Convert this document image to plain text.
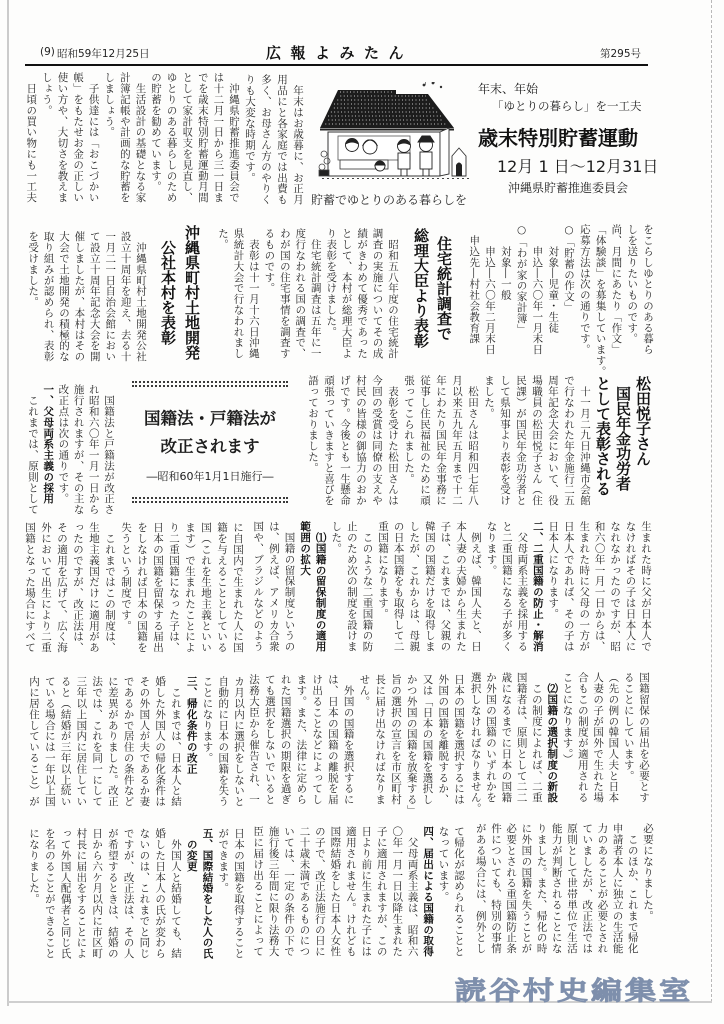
(9) 昭和59年12月25日	広報よみたん	第295号
　沖縄県貯蓄推進委員会で
は十二月一日から三一日ま
でを歳末特別貯蓄運動月間
として家計収支を見直し、
ゆとりのある暮らしのため
の貯蓄を勧めています。
　生活設計の基礎となる家
計簿記帳や計画的な貯蓄を
しましょう。
　子供達には「おこづかい
帳」をもたせお金の正しい
使い方や、大切さを教えま
しょう。
　日頃の買い物にも一工夫	　年末はお歳暮に、お正月
用品にと各家庭では出費も
多く、お母さん方のやりく
りも大変な時期です。
貯蓄でゆとりのある暮らしを
年末、年始
「ゆとりの暮らし」を一工夫
歳末特別貯蓄運動
12月 1 日～12月31日
沖縄県貯蓄推進委員会
をこらしゆとりのある暮ら
しを送りたいものです。
尚、月間にあたり「作文」
「体験談」を募集しています。
応募方法は次の通りです。
○「貯蓄の作文」
　　対象―児童・生徒
　　申込―六〇年一月末日
○「わが家の家計簿」
　　対象―一般
　　申込―六〇年二月末日
　申込先―村社会教育課
住宅統計調査で
総理大臣より表彰
　昭和五八年度の住宅統計
調査の実施についてその成
績がきわめて優秀であった
として、本村が総理大臣よ
り表彰を受けました。
　住宅統計調査は五年に一
度行なわれる国の調査で、
わが国の住宅事情を調査す
るものです。
　表彰は十一月十六日沖縄
県統計大会で行なわれまし
た。
沖縄県町村土地開発
公社本村を表彰
　沖縄県町村土地開発公社
設立十周年を迎え、去る十
一月二一日自治会館におい
て設立十周年記念大会を開
催しましたが、本村はその
大会で土地開発の積極的な
取り組みが認められ、表彰
を受けました。
松田悦子さん
国民年金功労者
として表彰される
　十一月二九日沖縄市会館
で行なわれた年金施行二五
周年記念大会において、役
場職員の松田悦子さん（住
民課）が国民年金功労者と
して県知事より表彰を受け
ました。
　松田さんは昭和四七年八
月以来五九年五月まで十二
年にわたり国民年金事務に
従事し住民福祉のために頑
張ってこられました。
　表彰を受けた松田さんは
今回の受賞は同僚の支えや
村民の皆様の御協力のおか
げです。今後とも一生懸命
頑張っていきますと喜びを
語っておりました。
国籍法・戸籍法が
改正されます
―昭和60年1月1日施行―
　国籍法と戸籍法が改正さ
れ昭和六〇年一月一日から
施行されますが、その主な
改正点は次の通りです。
一、父母両系主義の採用
　これまでは、原則として
生まれた時に父が日本人で
なければその子は日本人に
なれなかったのですが、昭
和六〇年一月一日からは、
生まれた時に父母の一方が
日本人であれば、その子は
日本人になります。
二、二重国籍の防止・解消
　父母両系主義を採用する
と二重国籍になる子が多く
なります。
　例えば、韓国人夫と、日
本人妻の夫婦から生まれた
子は、これまでは、父親の
韓国の国籍だけを取得しま
したが、これからは、母親
の日本国籍をも取得して二
重国籍になります。
　このような二重国籍の防
止のため次の制度を設けま
した。
　⑴国籍の留保制度の適用
範囲の拡大
　国籍の留保制度というの
は、例えば、アメリカ合衆
国や、ブラジルなどのよう
に自国内で生まれた人に国
籍を与えることとしている
国（これを生地主義といい
ます）で生まれたことによ
り二重国籍になった子は、
日本の国籍を留保する届出
をしなければ日本の国籍を
失うという制度です。
　これまではこの制度は、
生地主義国だけに適用があ
ったのですが、改正法は、
その適用を広げて、広く海
外において出生により二重
国籍となった場合にすべて
国籍留保の届出を必要とす
ることにしています。
（先の例の韓国人夫と日本
人妻の子が国外で生れた場
合もこの制度が適用される
ことになります。）
　⑵国籍の選択制度の新設
　この制度によれば、二重
国籍者は、原則として二二
歳になるまでに日本の国籍
か外国の国籍のいずれかを
選択しなければなりません。
日本の国籍を選択するには
外国の国籍を離脱するか、
又は「日本の国籍を選択し
かつ外国の国籍を放棄する」
旨の選択の宣言を市区町村
長に届け出なければなりま
せん。
　外国の国籍を選択するに
は、日本の国籍の離脱を届
け出ることなどによってし
ます。また、法律に定めら
れた国籍選択の期限を過ぎ
ても選択をしないでいると
法務大臣から催告され、一
カ月以内に選択をしないと
自動的に日本の国籍を失う
ことになります。
三、帰化条件の改正
　これまでは、日本人と結
婚した外国人の帰化条件は
その外国人が夫であるか妻
であるかで居住の条件など
に差異がありました。改正
法では、これを同一にして
三年以上国内に居住してい
ると（結婚が三年以上続い
ている場合には一年以上国
内に居住していること）が
必要になりました。
　このほか、これまで帰化
申請者本人に独立の生活能
力のあることが必要とされ
ていましたが、改正法では
原則として世帯単位で生活
能力が判断されることにな
りました。また、帰化の時
に外国の国籍を失うことが
必要とされる重国籍防止条
件についても、特別の事情
がある場合には、例外とし
て帰化が認められることと
なっています。
四、届出による国籍の取得
　父母両系主義は、昭和六
〇年一月一日以降生まれた
子に適用されますが、この
日より前に生まれた子には
適用されません。けれども
国際結婚をした日本人女性
の子で、改正法施行の日に
二十歳未満であるものにつ
いては、一定の条件の下で
施行後三年間に限り法務大
臣に届け出ることによって
日本の国籍を取得すること
ができます。
五、国際結婚をした人の氏
　の変更
　外国人と結婚しても、結
婚した日本人の氏が変わら
ないのは、これまでと同じ
ですが、改正法は、その人
が希望するときは、結婚の
日から六ケ月以内に市区町
村長に届出をすることによ
って外国人配偶者と同じ氏
を名のることができること
になりました。
読谷村史編集室
